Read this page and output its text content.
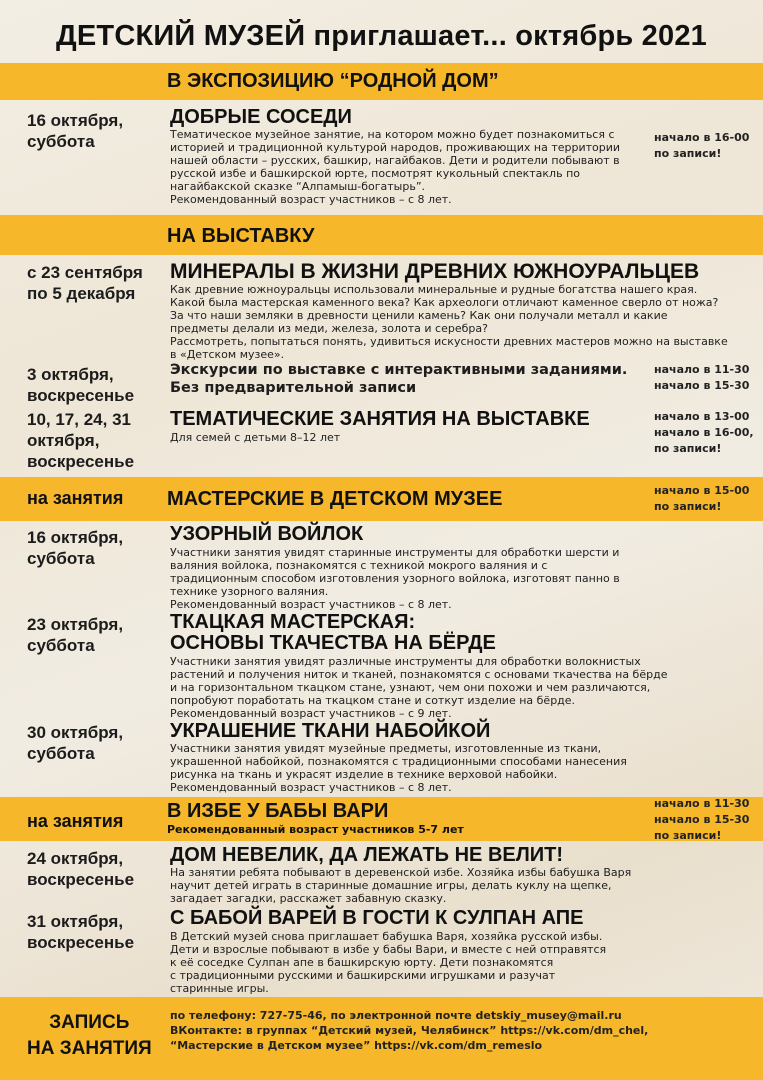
ДЕТСКИЙ МУЗЕЙ приглашает... октябрь 2021
В ЭКСПОЗИЦИЮ “РОДНОЙ ДОМ”
16 октября,
суббота
ДОБРЫЕ СОСЕДИ
Тематическое музейное занятие, на котором можно будет познакомиться с
историей и традиционной культурой народов, проживающих на территории
нашей области – русских, башкир, нагайбаков. Дети и родители побывают в
русской избе и башкирской юрте, посмотрят кукольный спектакль по
нагайбакской сказке “Алпамыш-богатырь”.
Рекомендованный возраст участников – с 8 лет.
начало в 16-00
по записи!
НА ВЫСТАВКУ
с 23 сентября
по 5 декабря
МИНЕРАЛЫ В ЖИЗНИ ДРЕВНИХ ЮЖНОУРАЛЬЦЕВ
Как древние южноуральцы использовали минеральные и рудные богатства нашего края.
Какой была мастерская каменного века? Как археологи отличают каменное сверло от ножа?
За что наши земляки в древности ценили камень? Как они получали металл и какие
предметы делали из меди, железа, золота и серебра?
Рассмотреть, попытаться понять, удивиться искусности древних мастеров можно на выставке
в «Детском музее».
3 октября,
воскресенье
Экскурсии по выставке с интерактивными заданиями.
Без предварительной записи
начало в 11-30
начало в 15-30
10, 17, 24, 31
октября,
воскресенье
ТЕМАТИЧЕСКИЕ ЗАНЯТИЯ НА ВЫСТАВКЕ
Для семей с детьми 8–12 лет
начало в 13-00
начало в 16-00,
по записи!
на занятия МАСТЕРСКИЕ В ДЕТСКОМ МУЗЕЕ	начало в 15-00
по записи!
16 октября,
суббота
УЗОРНЫЙ ВОЙЛОК
Участники занятия увидят старинные инструменты для обработки шерсти и
валяния войлока, познакомятся с техникой мокрого валяния и с
традиционным способом изготовления узорного войлока, изготовят панно в
технике узорного валяния.
Рекомендованный возраст участников – с 8 лет.
23 октября,
суббота
ТКАЦКАЯ МАСТЕРСКАЯ:
ОСНОВЫ ТКАЧЕСТВА НА БЁРДЕ
Участники занятия увидят различные инструменты для обработки волокнистых
растений и получения ниток и тканей, познакомятся с основами ткачества на бёрде
и на горизонтальном ткацком стане, узнают, чем они похожи и чем различаются,
попробуют поработать на ткацком стане и соткут изделие на бёрде.
Рекомендованный возраст участников – с 9 лет.
30 октября,
суббота
УКРАШЕНИЕ ТКАНИ НАБОЙКОЙ
Участники занятия увидят музейные предметы, изготовленные из ткани,
украшенной набойкой, познакомятся с традиционными способами нанесения
рисунка на ткань и украсят изделие в технике верховой набойки.
Рекомендованный возраст участников – с 8 лет.
на занятия В ИЗБЕ У БАБЫ ВАРИ
Рекомендованный возраст участников 5-7 лет
начало в 11-30
начало в 15-30
по записи!
24 октября,
воскресенье
ДОМ НЕВЕЛИК, ДА ЛЕЖАТЬ НЕ ВЕЛИТ!
На занятии ребята побывают в деревенской избе. Хозяйка избы бабушка Варя
научит детей играть в старинные домашние игры, делать куклу на щепке,
загадает загадки, расскажет забавную сказку.
31 октября,
воскресенье
С БАБОЙ ВАРЕЙ В ГОСТИ К СУЛПАН АПЕ
В Детский музей снова приглашает бабушка Варя, хозяйка русской избы.
Дети и взрослые побывают в избе у бабы Вари, и вместе с ней отправятся
к её соседке Сулпан апе в башкирскую юрту. Дети познакомятся
с традиционными русскими и башкирскими игрушками и разучат
старинные игры.
ЗАПИСЬ
НА ЗАНЯТИЯ
по телефону: 727-75-46, по электронной почте detskiy_musey@mail.ru
ВКонтакте: в группах “Детский музей, Челябинск” https://vk.com/dm_chel,
“Мастерские в Детском музее” https://vk.com/dm_remeslo
